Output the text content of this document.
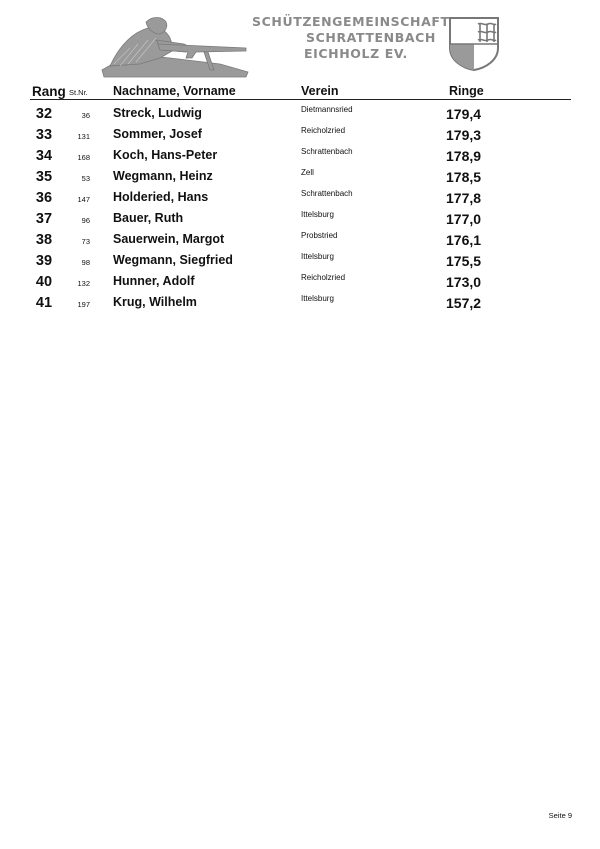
SCHÜTZENGEMEINSCHAFT
SCHRATTENBACH
EICHHOLZ EV.
Rang St.Nr. Nachname, Vorname	Verein	Ringe
32	36 Streck, Ludwig	Dietmannsried	179,4
33	131 Sommer, Josef	Reicholzried	179,3
34	168 Koch, Hans-Peter	Schrattenbach	178,9
35	53 Wegmann, Heinz	Zell	178,5
36	147 Holderied, Hans	Schrattenbach	177,8
37	96 Bauer, Ruth	Ittelsburg	177,0
38	73 Sauerwein, Margot	Probstried	176,1
39	98 Wegmann, Siegfried	Ittelsburg	175,5
40	132 Hunner, Adolf	Reicholzried	173,0
41	197 Krug, Wilhelm	Ittelsburg	157,2
Seite 9
